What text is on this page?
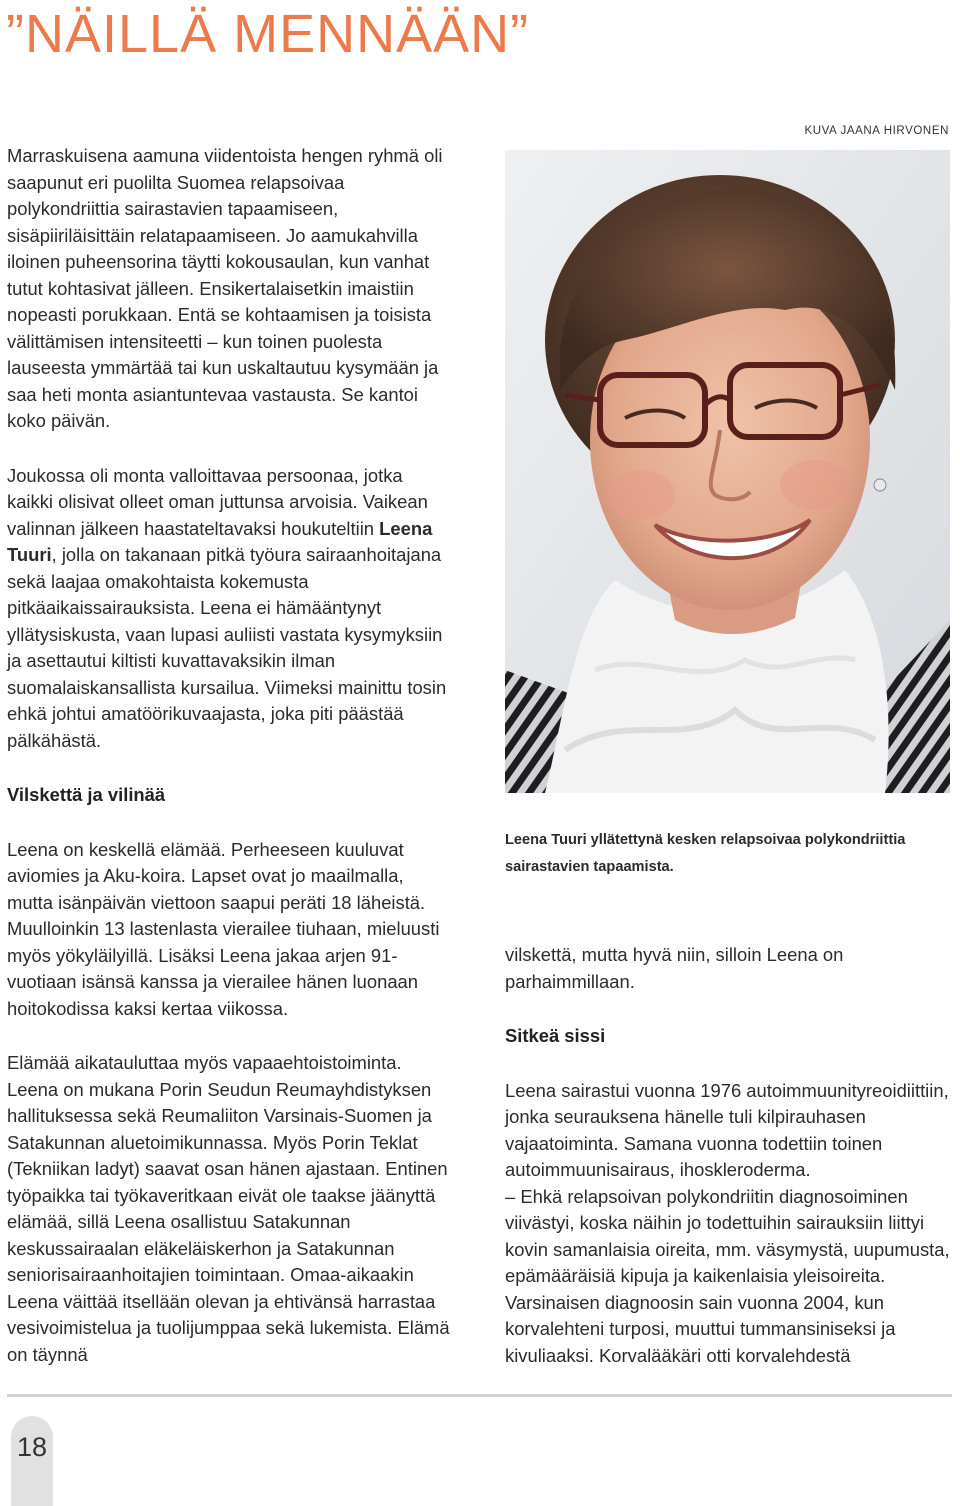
”NÄILLÄ MENNÄÄN”

Marraskuisena aamuna viidentoista hengen ryhmä oli saapunut eri puolilta Suomea relapsoivaa polykondriittia sairastavien tapaamiseen, sisäpiiriläisittäin relatapaamiseen. Jo aamukahvilla iloinen puheensorina täytti kokousaulan, kun vanhat tutut kohtasivat jälleen. Ensikertalaisetkin imaistiin nopeasti porukkaan. Entä se kohtaamisen ja toisista välittämisen intensiteetti – kun toinen puolesta lauseesta ymmärtää tai kun uskaltautuu kysymään ja saa heti monta asiantuntevaa vastausta. Se kantoi koko päivän.

Joukossa oli monta valloittavaa persoonaa, jotka kaikki olisivat olleet oman juttunsa arvoisia. Vaikean valinnan jälkeen haastateltavaksi houkuteltiin Leena Tuuri, jolla on takanaan pitkä työura sairaanhoitajana sekä laajaa omakohtaista kokemusta pitkäaikaissairauksista. Leena ei hämääntynyt yllätysiskusta, vaan lupasi auliisti vastata kysymyksiin ja asettautui kiltisti kuvattavaksikin ilman suomalaiskansallista kursailua. Viimeksi mainittu tosin ehkä johtui amatöörikuvaajasta, joka piti päästää pälkähästä.

Vilskettä ja vilinää

Leena on keskellä elämää. Perheeseen kuuluvat aviomies ja Aku-koira. Lapset ovat jo maailmalla, mutta isänpäivän viettoon saapui peräti 18 läheistä. Muulloinkin 13 lastenlasta vierailee tiuhaan, mieluusti myös yökyläilyillä. Lisäksi Leena jakaa arjen 91-vuotiaan isänsä kanssa ja vierailee hänen luonaan hoitokodissa kaksi kertaa viikossa.

Elämää aikatauluttaa myös vapaaehtoistoiminta. Leena on mukana Porin Seudun Reumayhdistyksen hallituksessa sekä Reumaliiton Varsinais-Suomen ja Satakunnan aluetoimikunnassa. Myös Porin Teklat (Tekniikan ladyt) saavat osan hänen ajastaan. Entinen työpaikka tai työkaveritkaan eivät ole taakse jäänyttä elämää, sillä Leena osallistuu Satakunnan keskussairaalan eläkeläiskerhon ja Satakunnan seniorisairaanhoitajien toimintaan. Omaa-aikaakin Leena väittää itsellään olevan ja ehtivänsä harrastaa vesivoimistelua ja tuolijumppaa sekä lukemista. Elämä on täynnä

KUVA JAANA HIRVONEN
Leena Tuuri yllätettynä kesken relapsoivaa polykondriittia sairastavien tapaamista.

vilskettä, mutta hyvä niin, silloin Leena on parhaimmillaan.

Sitkeä sissi

Leena sairastui vuonna 1976 autoimmuunityreoidiittiin, jonka seurauksena hänelle tuli kilpirauhasen vajaatoiminta. Samana vuonna todettiin toinen autoimmuunisairaus, ihoskleroderma.

– Ehkä relapsoivan polykondriitin diagnosoiminen viivästyi, koska näihin jo todettuihin sairauksiin liittyi kovin samanlaisia oireita, mm. väsymystä, uupumusta, epämääräisiä kipuja ja kaikenlaisia yleisoireita. Varsinaisen diagnoosin sain vuonna 2004, kun korvalehteni turposi, muuttui tummansiniseksi ja kivuliaaksi. Korvalääkäri otti korvalehdestä

18
